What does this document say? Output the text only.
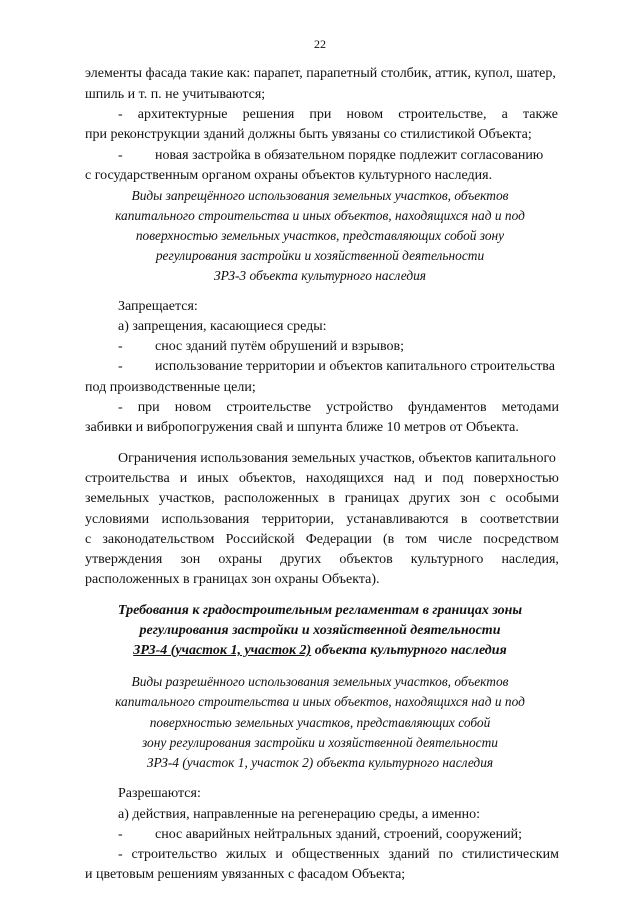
22
элементы фасада такие как: парапет, парапетный столбик, аттик, купол, шатер,
шпиль и т. п. не учитываются;
- архитектурные решения при новом строительстве, а также
при реконструкции зданий должны быть увязаны со стилистикой Объекта;
- новая застройка в обязательном порядке подлежит согласованию
с государственным органом охраны объектов культурного наследия.
Виды запрещённого использования земельных участков, объектов
капитального строительства и иных объектов, находящихся над и под
поверхностью земельных участков, представляющих собой зону
регулирования застройки и хозяйственной деятельности
ЗРЗ-3 объекта культурного наследия
Запрещается:
а) запрещения, касающиеся среды:
- снос зданий путём обрушений и взрывов;
- использование территории и объектов капитального строительства
под производственные цели;
- при новом строительстве устройство фундаментов методами
забивки и вибропогружения свай и шпунта ближе 10 метров от Объекта.
Ограничения использования земельных участков, объектов капитального
строительства и иных объектов, находящихся над и под поверхностью
земельных участков, расположенных в границах других зон с особыми
условиями использования территории, устанавливаются в соответствии
с законодательством Российской Федерации (в том числе посредством
утверждения зон охраны других объектов культурного наследия,
расположенных в границах зон охраны Объекта).
Требования к градостроительным регламентам в границах зоны
регулирования застройки и хозяйственной деятельности
ЗРЗ-4 (участок 1, участок 2) объекта культурного наследия
Виды разрешённого использования земельных участков, объектов
капитального строительства и иных объектов, находящихся над и под
поверхностью земельных участков, представляющих собой
зону регулирования застройки и хозяйственной деятельности
ЗРЗ-4 (участок 1, участок 2) объекта культурного наследия
Разрешаются:
а) действия, направленные на регенерацию среды, а именно:
- снос аварийных нейтральных зданий, строений, сооружений;
- строительство жилых и общественных зданий по стилистическим
и цветовым решениям увязанных с фасадом Объекта;
